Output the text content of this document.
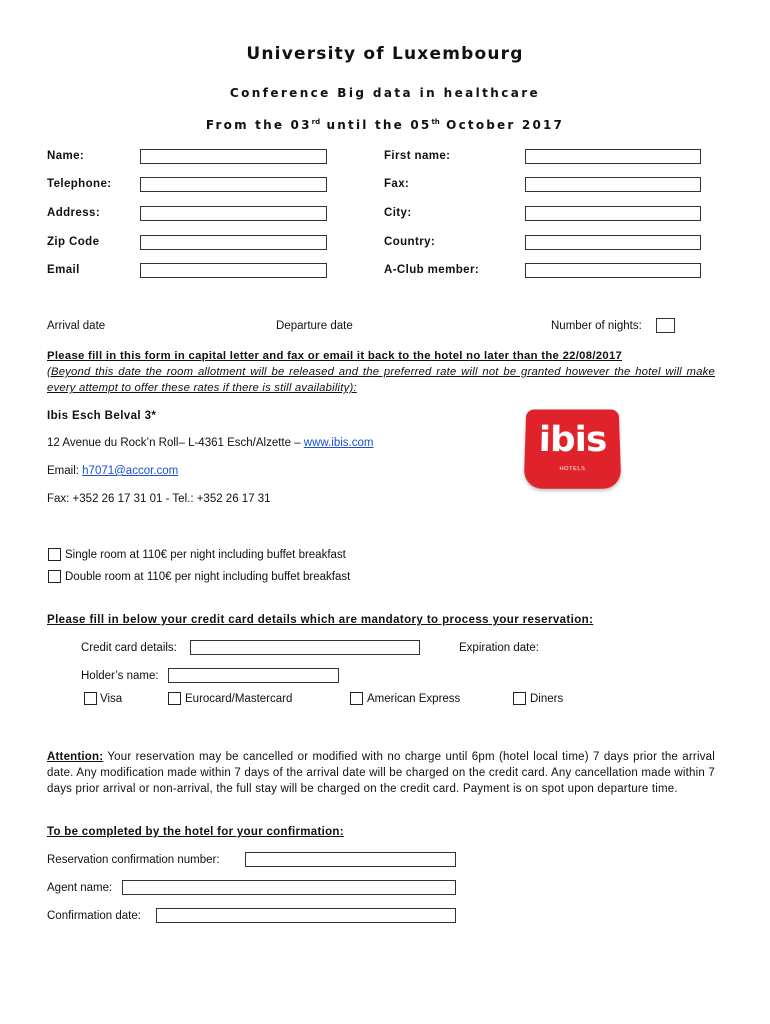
University of Luxembourg
Conference Big data in healthcare
From the 03rd until the 05th October 2017
Name:	First name:
Telephone:	Fax:
Address:	City:
Zip Code	Country:
Email	A-Club member:
Arrival date	Departure date	Number of nights:
Please fill in this form in capital letter and fax or email it back to the hotel no later than the 22/08/2017
(Beyond this date the room allotment will be released and the preferred rate will not be granted however the hotel will make every attempt to offer these rates if there is still availability):
Ibis Esch Belval 3*
12 Avenue du Rock’n Roll– L-4361 Esch/Alzette – www.ibis.com
Email: h7071@accor.com
Fax: +352 26 17 31 01 - Tel.: +352 26 17 31
ibis
HOTELS
Single room at 110€ per night including buffet breakfast
Double room at 110€ per night including buffet breakfast
Please fill in below your credit card details which are mandatory to process your reservation:
Credit card details:	Expiration date:
Holder’s name:
Visa	Eurocard/Mastercard	American Express	Diners
Attention: Your reservation may be cancelled or modified with no charge until 6pm (hotel local time) 7 days prior the arrival date. Any modification made within 7 days of the arrival date will be charged on the credit card. Any cancellation made within 7 days prior arrival or non-arrival, the full stay will be charged on the credit card. Payment is on spot upon departure time.
To be completed by the hotel for your confirmation:
Reservation confirmation number:
Agent name:
Confirmation date:
